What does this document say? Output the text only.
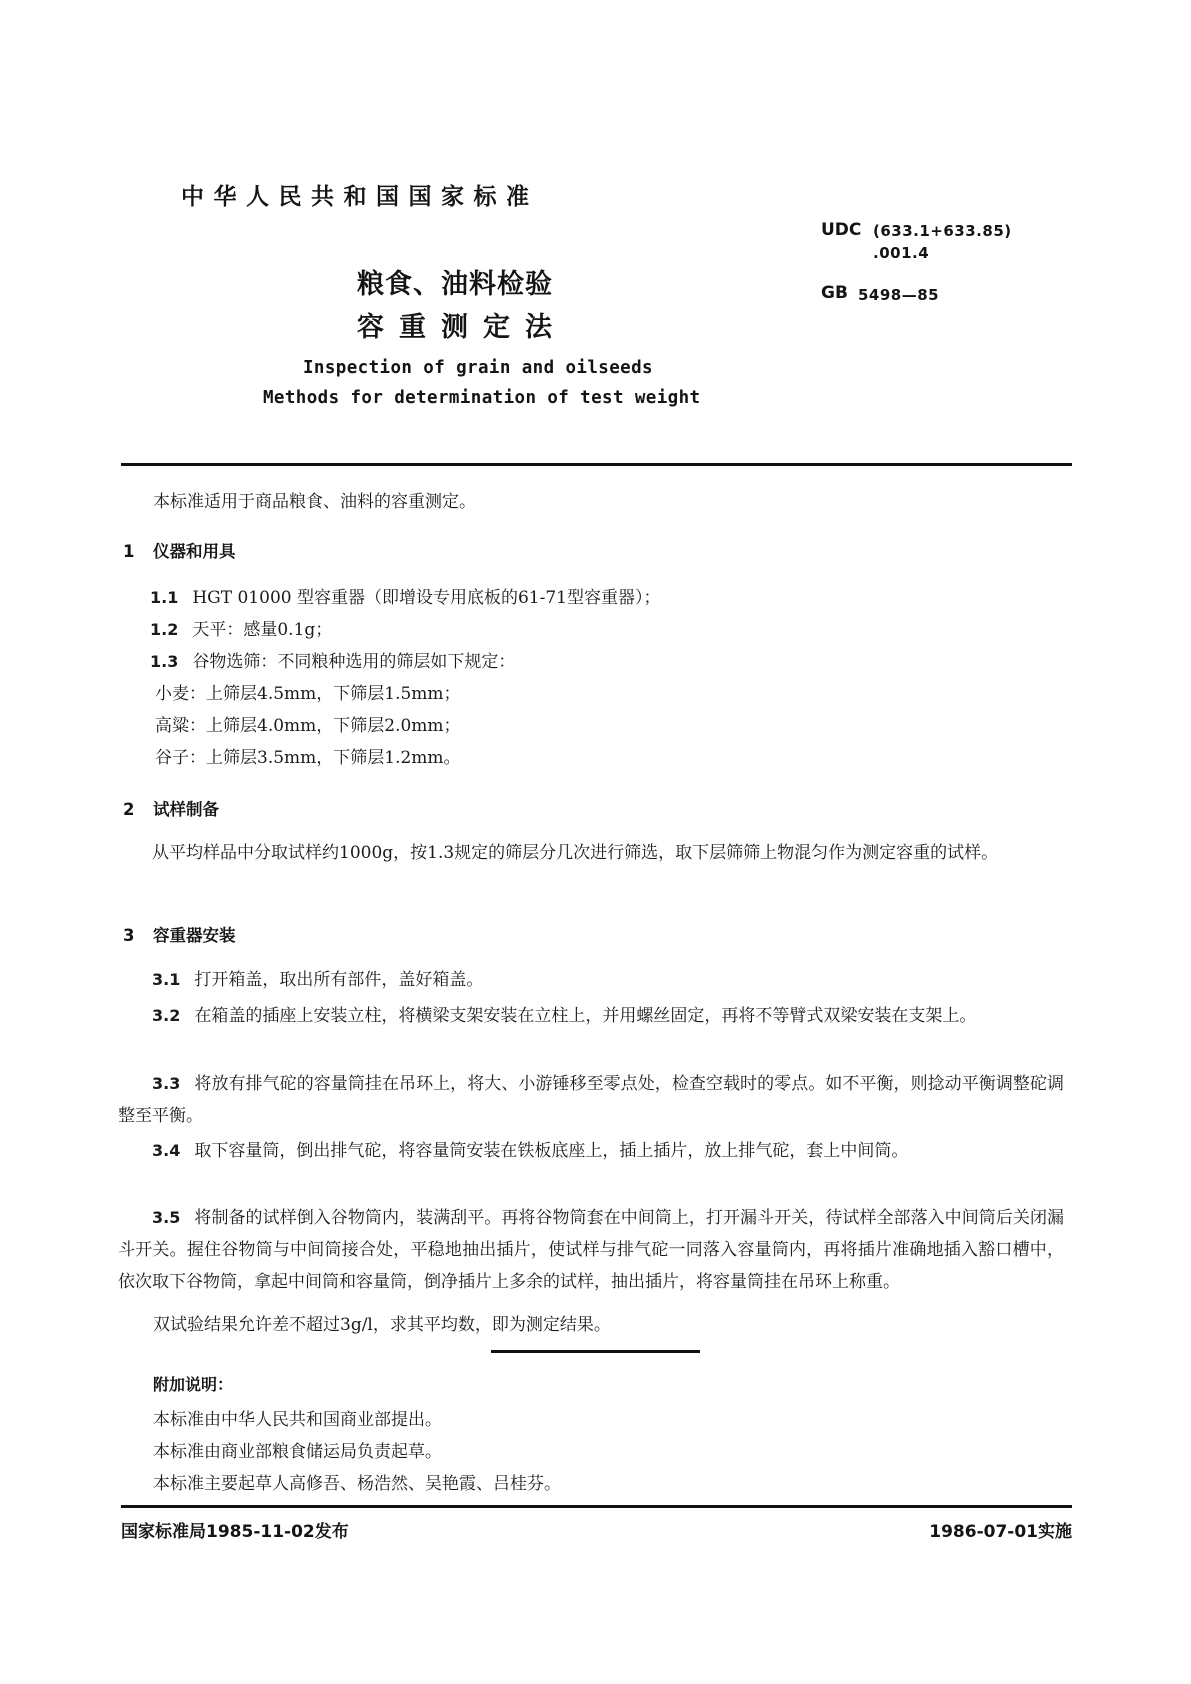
中华人民共和国国家标准
粮食、油料检验
容重测定法
Inspection of grain and oilseeds
Methods for determination of test weight
UDC (633.1+633.85)
.001.4
GB 5498—85
本标准适用于商品粮食、油料的容重测定。
1 仪器和用具
1.1 HGT 01000 型容重器（即增设专用底板的61-71型容重器）；
1.2 天平：感量0.1g；
1.3 谷物选筛：不同粮种选用的筛层如下规定：
小麦：上筛层4.5mm，下筛层1.5mm；
高粱：上筛层4.0mm，下筛层2.0mm；
谷子：上筛层3.5mm，下筛层1.2mm。
2 试样制备
从平均样品中分取试样约1000g，按1.3规定的筛层分几次进行筛选，取下层筛筛上物混匀作为测定容重的试样。
3 容重器安装
3.1 打开箱盖，取出所有部件，盖好箱盖。
3.2 在箱盖的插座上安装立柱，将横梁支架安装在立柱上，并用螺丝固定，再将不等臂式双梁安装在支架上。
3.3 将放有排气砣的容量筒挂在吊环上，将大、小游锤移至零点处，检查空载时的零点。如不平衡，则捻动平衡调整砣调整至平衡。
3.4 取下容量筒，倒出排气砣，将容量筒安装在铁板底座上，插上插片，放上排气砣，套上中间筒。
3.5 将制备的试样倒入谷物筒内，装满刮平。再将谷物筒套在中间筒上，打开漏斗开关，待试样全部落入中间筒后关闭漏斗开关。握住谷物筒与中间筒接合处，平稳地抽出插片，使试样与排气砣一同落入容量筒内，再将插片准确地插入豁口槽中，依次取下谷物筒，拿起中间筒和容量筒，倒净插片上多余的试样，抽出插片，将容量筒挂在吊环上称重。
双试验结果允许差不超过3g/l，求其平均数，即为测定结果。
附加说明：
本标准由中华人民共和国商业部提出。
本标准由商业部粮食储运局负责起草。
本标准主要起草人高修吾、杨浩然、吴艳霞、吕桂芬。
国家标准局1985-11-02发布	1986-07-01实施
